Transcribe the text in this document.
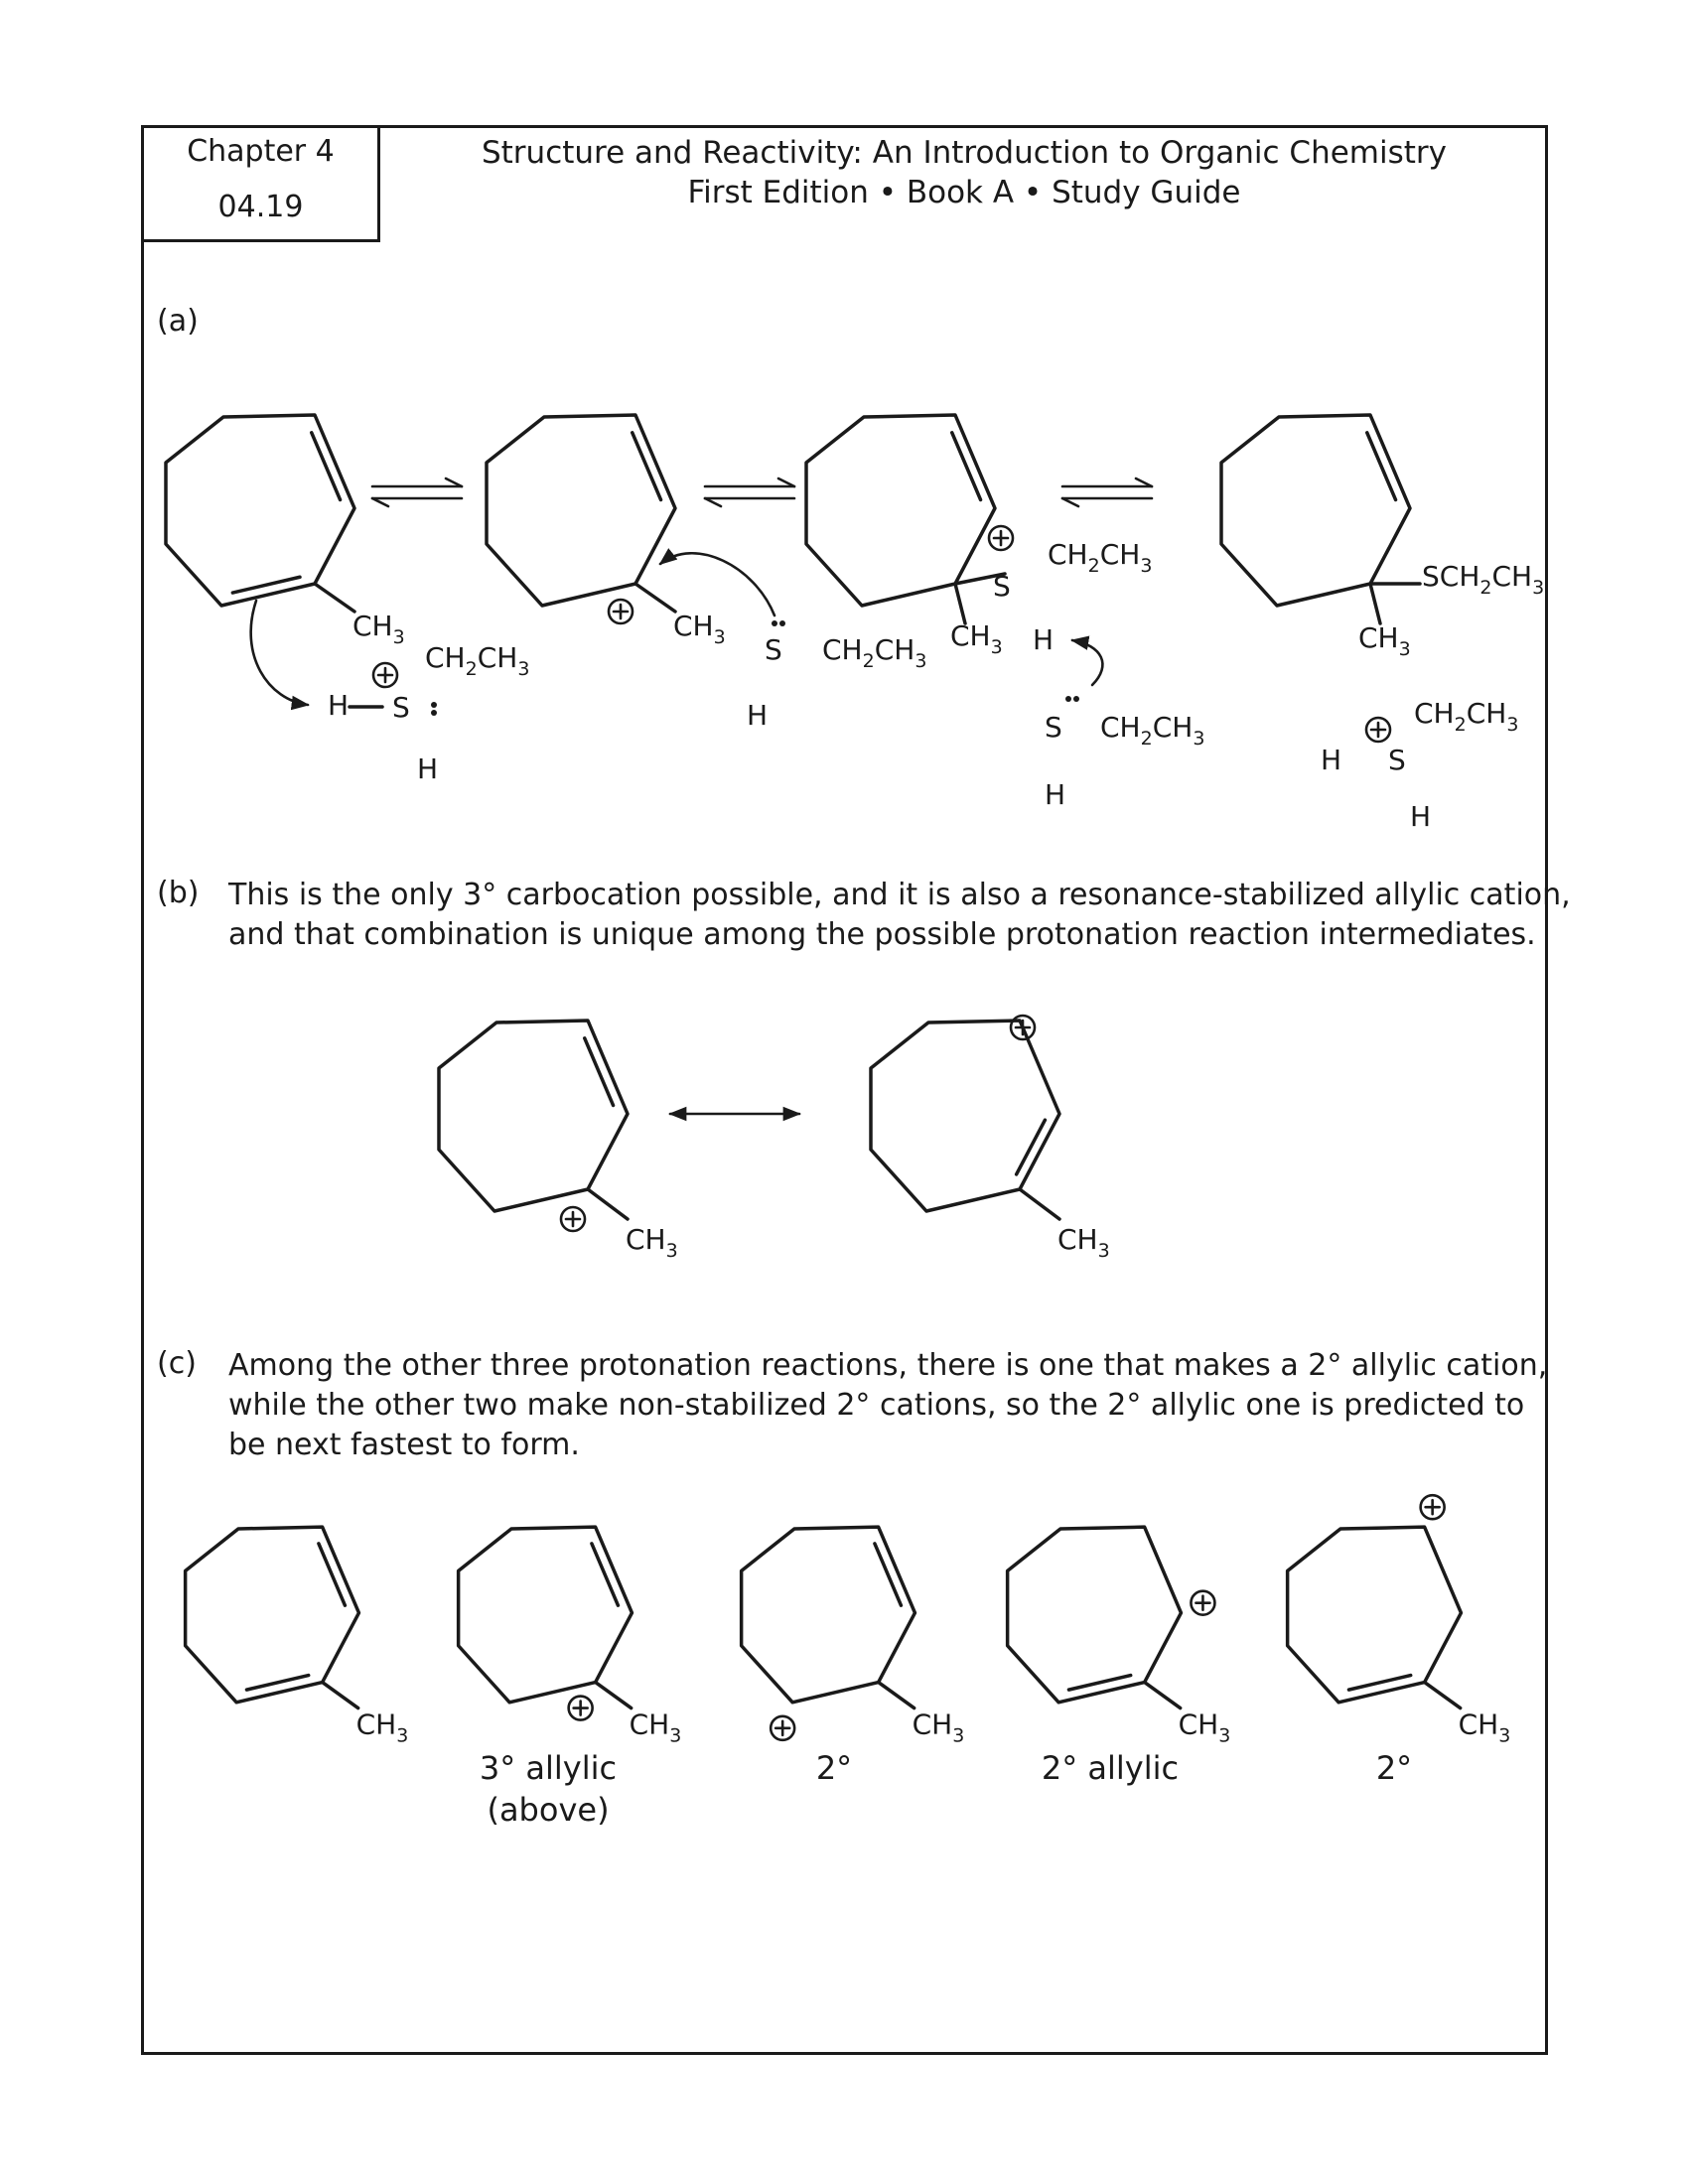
Chapter 4
04.19
Structure and Reactivity: An Introduction to Organic Chemistry
First Edition • Book A • Study Guide
(a)
(b) This is the only 3° carbocation possible, and it is also a resonance-stabilized allylic cation,
and that combination is unique among the possible protonation reaction intermediates.
(c) Among the other three protonation reactions, there is one that makes a 2° allylic cation,
while the other two make non-stabilized 2° cations, so the 2° allylic one is predicted to
be next fastest to form.
3° allylic
(above)
2°	2° allylic	2°
$CH_3$	$CH_3$
H S
$CH_2CH_3$
H
S $CH_2CH_3$
H
S
$CH_2CH_3$
H
$CH_3$
S $CH_2CH_3$
H
$SCH_2CH_3$
$CH_3$
H S
$CH_2CH_3$
H
$CH_3$	$CH_3$
$CH_3$	$CH_3$	$CH_3$	$CH_3$	$CH_3$
